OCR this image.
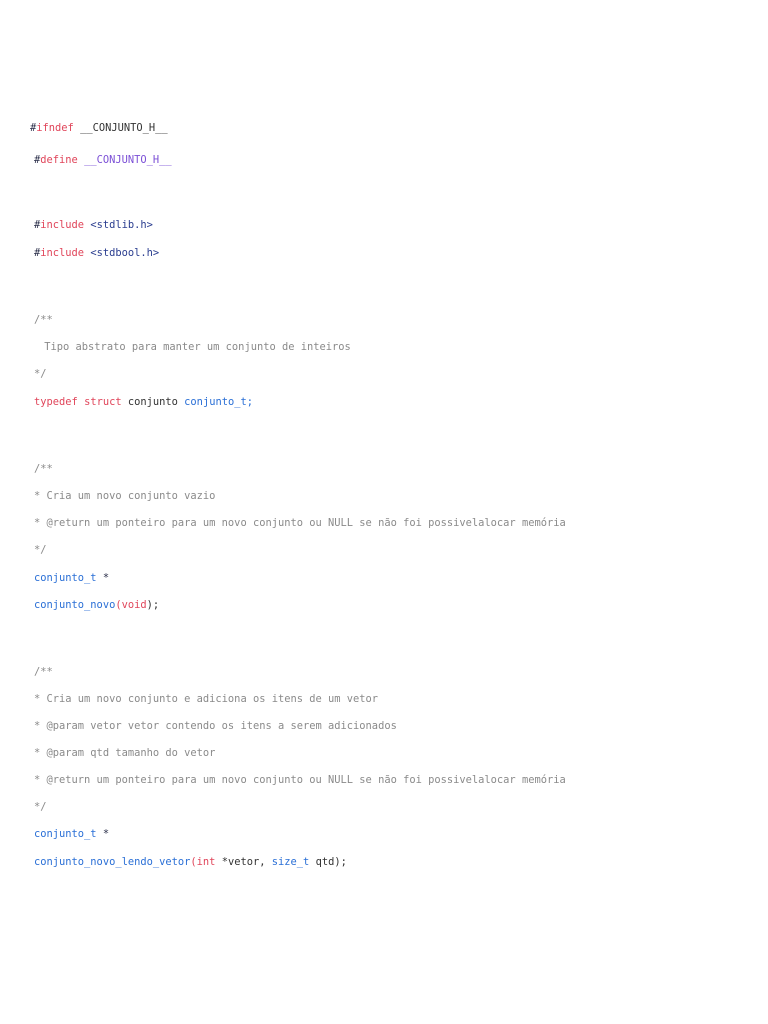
#ifndef __CONJUNTO_H__
#define __CONJUNTO_H__
#include <stdlib.h>
#include <stdbool.h>
/**
Tipo abstrato para manter um conjunto de inteiros
*/
typedef struct conjunto conjunto_t;
/**
* Cria um novo conjunto vazio
* @return um ponteiro para um novo conjunto ou NULL se não foi possivelalocar memória
*/
conjunto_t *
conjunto_novo(void);
/**
* Cria um novo conjunto e adiciona os itens de um vetor
* @param vetor vetor contendo os itens a serem adicionados
* @param qtd tamanho do vetor
* @return um ponteiro para um novo conjunto ou NULL se não foi possivelalocar memória
*/
conjunto_t *
conjunto_novo_lendo_vetor(int *vetor, size_t qtd);
